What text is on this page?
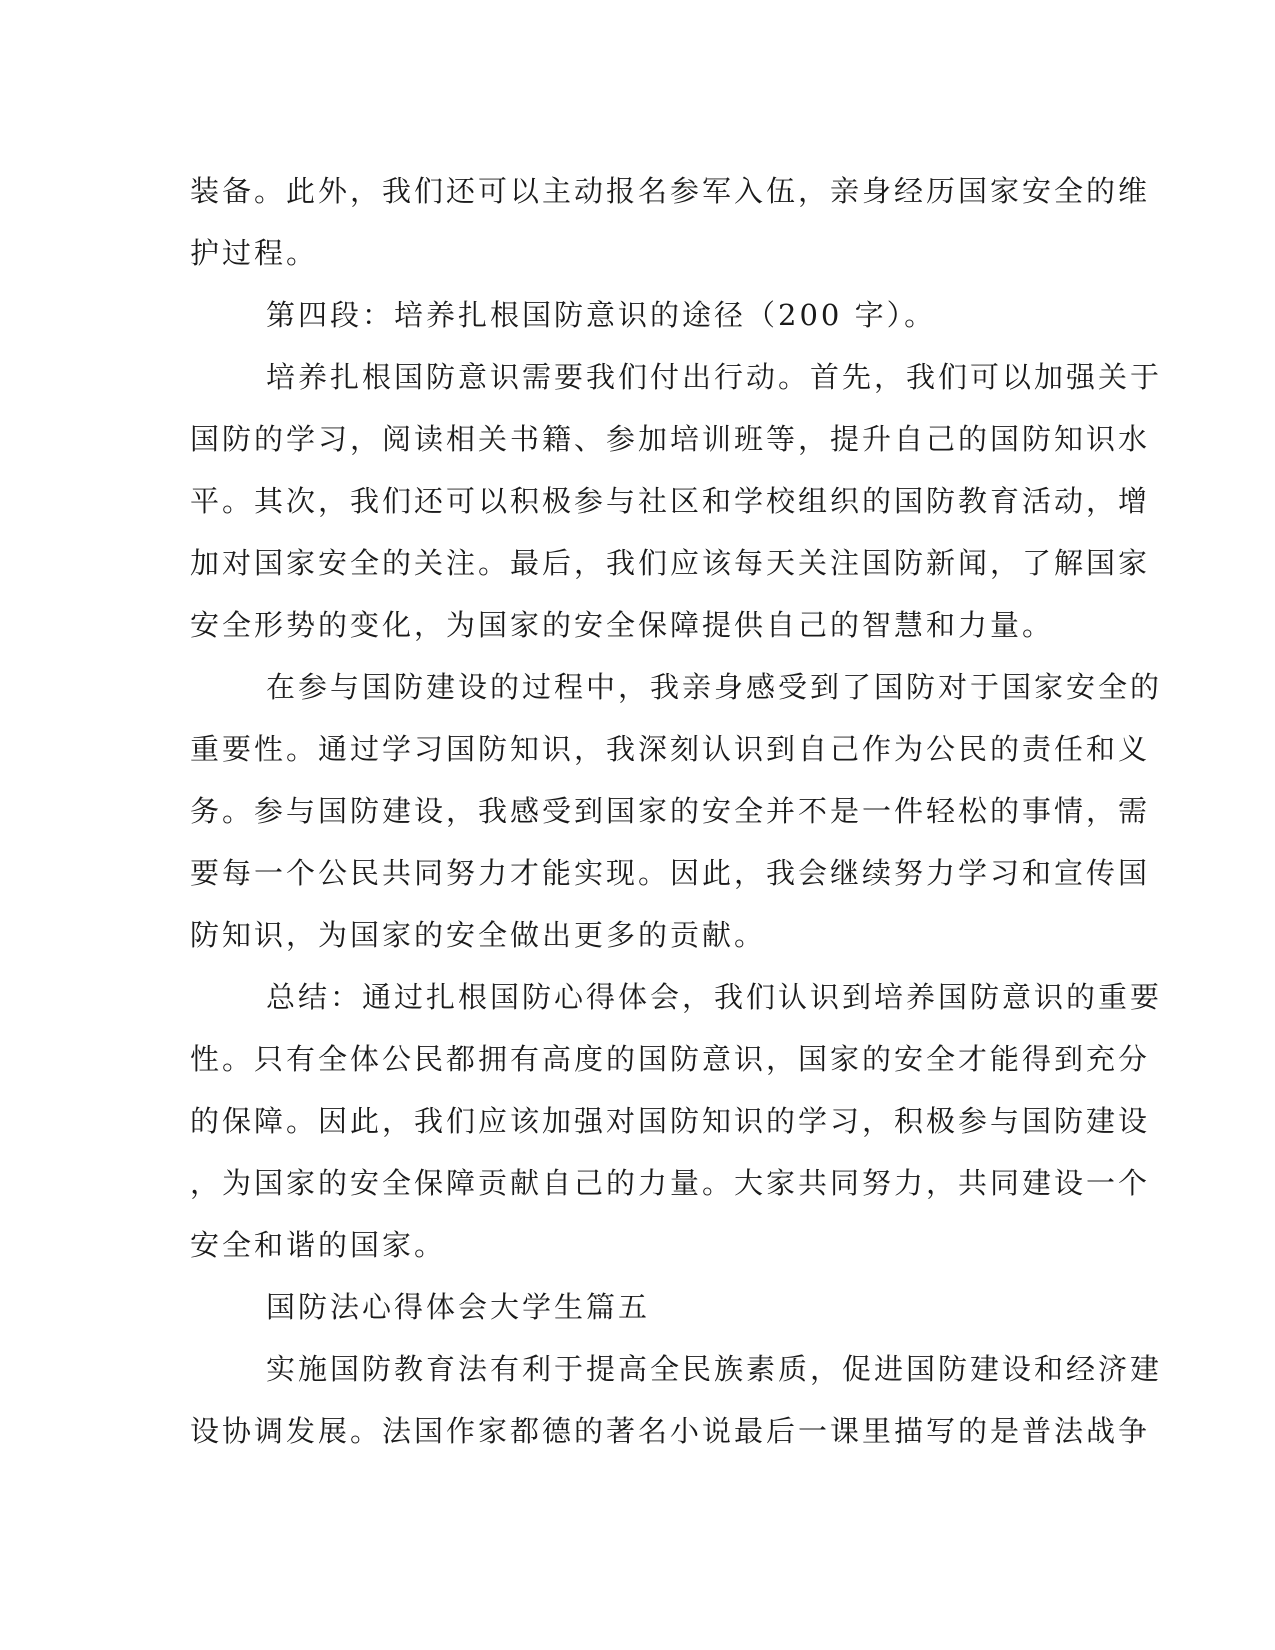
装备。此外，我们还可以主动报名参军入伍，亲身经历国家安全的维
护过程。
第四段：培养扎根国防意识的途径（200 字）。
培养扎根国防意识需要我们付出行动。首先，我们可以加强关于
国防的学习，阅读相关书籍、参加培训班等，提升自己的国防知识水
平。其次，我们还可以积极参与社区和学校组织的国防教育活动，增
加对国家安全的关注。最后，我们应该每天关注国防新闻，了解国家
安全形势的变化，为国家的安全保障提供自己的智慧和力量。
在参与国防建设的过程中，我亲身感受到了国防对于国家安全的
重要性。通过学习国防知识，我深刻认识到自己作为公民的责任和义
务。参与国防建设，我感受到国家的安全并不是一件轻松的事情，需
要每一个公民共同努力才能实现。因此，我会继续努力学习和宣传国
防知识，为国家的安全做出更多的贡献。
总结：通过扎根国防心得体会，我们认识到培养国防意识的重要
性。只有全体公民都拥有高度的国防意识，国家的安全才能得到充分
的保障。因此，我们应该加强对国防知识的学习，积极参与国防建设
，为国家的安全保障贡献自己的力量。大家共同努力，共同建设一个
安全和谐的国家。
国防法心得体会大学生篇五
实施国防教育法有利于提高全民族素质，促进国防建设和经济建
设协调发展。法国作家都德的著名小说最后一课里描写的是普法战争
